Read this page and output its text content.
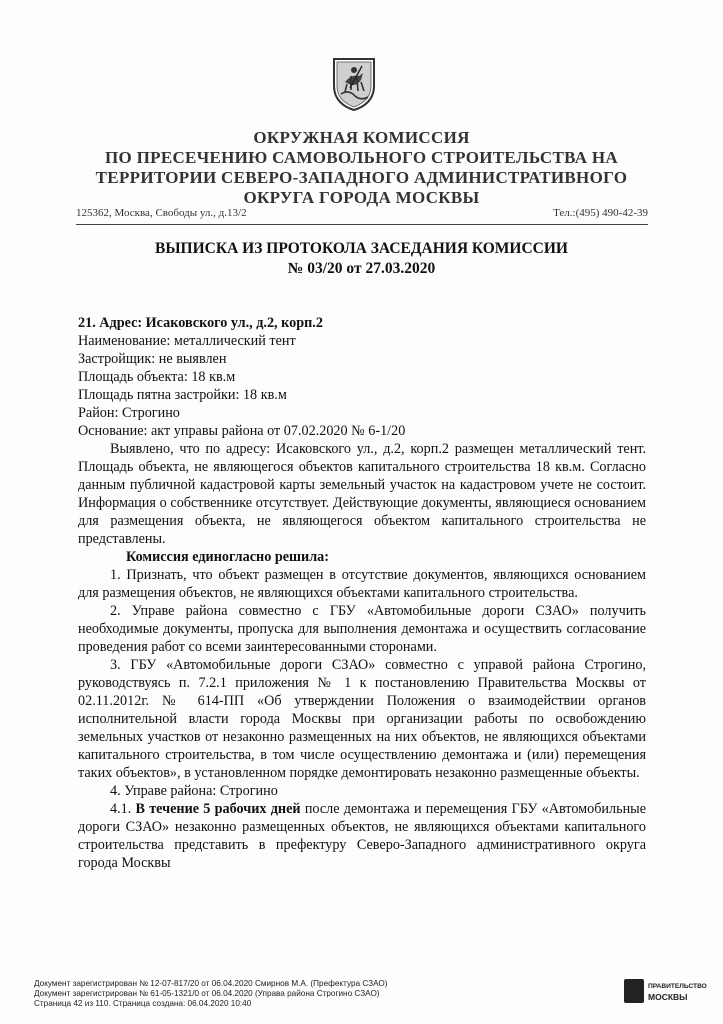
ОКРУЖНАЯ КОМИССИЯ
ПО ПРЕСЕЧЕНИЮ САМОВОЛЬНОГО СТРОИТЕЛЬСТВА НА
ТЕРРИТОРИИ СЕВЕРО-ЗАПАДНОГО АДМИНИСТРАТИВНОГО
ОКРУГА ГОРОДА МОСКВЫ
125362, Москва, Свободы ул., д.13/2	Тел.:(495) 490-42-39
ВЫПИСКА ИЗ ПРОТОКОЛА ЗАСЕДАНИЯ КОМИССИИ
№ 03/20 от 27.03.2020
21. Адрес: Исаковского ул., д.2, корп.2
Наименование: металлический тент
Застройщик: не выявлен
Площадь объекта: 18 кв.м
Площадь пятна застройки: 18 кв.м
Район: Строгино
Основание: акт управы района от 07.02.2020 № 6-1/20

Выявлено, что по адресу: Исаковского ул., д.2, корп.2 размещен металлический тент. Площадь объекта, не являющегося объектов капитального строительства 18 кв.м. Согласно данным публичной кадастровой карты земельный участок на кадастровом учете не состоит. Информация о собственнике отсутствует. Действующие документы, являющиеся основанием для размещения объекта, не являющегося объектом капитального строительства не представлены.

Комиссия единогласно решила:

1. Признать, что объект размещен в отсутствие документов, являющихся основанием для размещения объектов, не являющихся объектами капитального строительства.

2. Управе района совместно с ГБУ «Автомобильные дороги СЗАО» получить необходимые документы, пропуска для выполнения демонтажа и осуществить согласование проведения работ со всеми заинтересованными сторонами.

3. ГБУ «Автомобильные дороги СЗАО» совместно с управой района Строгино, руководствуясь п. 7.2.1 приложения № 1 к постановлению Правительства Москвы от 02.11.2012г. № 614-ПП «Об утверждении Положения о взаимодействии органов исполнительной власти города Москвы при организации работы по освобождению земельных участков от незаконно размещенных на них объектов, не являющихся объектами капитального строительства, в том числе осуществлению демонтажа и (или) перемещения таких объектов», в установленном порядке демонтировать незаконно размещенные объекты.

4. Управе района: Строгино

4.1. В течение 5 рабочих дней после демонтажа и перемещения ГБУ «Автомобильные дороги СЗАО» незаконно размещенных объектов, не являющихся объектами капитального строительства представить в префектуру Северо-Западного административного округа города Москвы

Документ зарегистрирован № 12-07-817/20 от 06.04.2020 Смирнов М.А. (Префектура СЗАО)
Документ зарегистрирован № 61-05-1321/0 от 06.04.2020 (Управа района Строгино СЗАО)
Страница 42 из 110. Страница создана: 06.04.2020 10:40
ПРАВИТЕЛЬСТВО
МОСКВЫ
